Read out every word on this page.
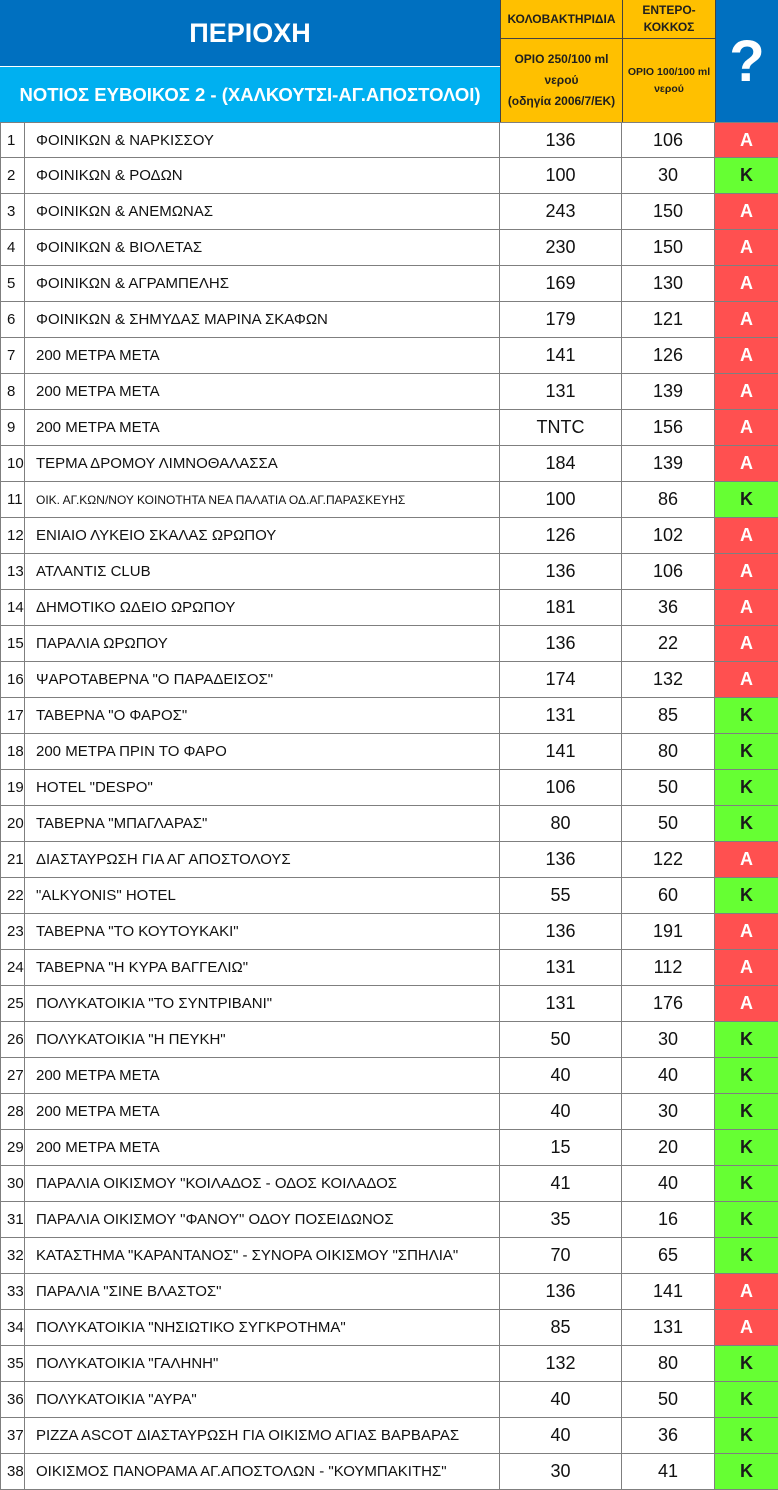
ΠΕΡΙΟΧΗ
ΝΟΤΙΟΣ ΕΥΒΟΙΚΟΣ 2 - (ΧΑΛΚΟΥΤΣΙ-ΑΓ.ΑΠΟΣΤΟΛΟΙ)
ΚΟΛΟΒΑΚΤΗΡΙΔΙΑ
ΟΡΙΟ 250/100 ml
νερού
(οδηγία 2006/7/ΕΚ)
ΕΝΤΕΡΟ-
ΚΟΚΚΟΣ
ΟΡΙΟ 100/100 ml
νερού ?
1	ΦΟΙΝΙΚΩΝ & ΝΑΡΚΙΣΣΟΥ	136	106	Α
2	ΦΟΙΝΙΚΩΝ & ΡΟΔΩΝ	100	30	Κ
3	ΦΟΙΝΙΚΩΝ & ΑΝΕΜΩΝΑΣ	243	150	Α
4	ΦΟΙΝΙΚΩΝ & ΒΙΟΛΕΤΑΣ	230	150	Α
5	ΦΟΙΝΙΚΩΝ & ΑΓΡΑΜΠΕΛΗΣ	169	130	Α
6	ΦΟΙΝΙΚΩΝ & ΣΗΜΥΔΑΣ ΜΑΡΙΝΑ ΣΚΑΦΩΝ	179	121	Α
7	200 ΜΕΤΡΑ ΜΕΤΑ	141	126	Α
8	200 ΜΕΤΡΑ ΜΕΤΑ	131	139	Α
9	200 ΜΕΤΡΑ ΜΕΤΑ	TNTC	156	Α
10 ΤΕΡΜΑ ΔΡΟΜΟΥ ΛΙΜΝΟΘΑΛΑΣΣΑ	184	139	Α
11	ΟΙΚ. ΑΓ.ΚΩΝ/ΝΟΥ ΚΟΙΝΟΤΗΤΑ ΝΕΑ ΠΑΛΑΤΙΑ ΟΔ.ΑΓ.ΠΑΡΑΣΚΕΥΗΣ	100	86	Κ
12 ΕΝΙΑΙΟ ΛΥΚΕΙΟ ΣΚΑΛΑΣ ΩΡΩΠΟΥ	126	102	Α
13 ΑΤΛΑΝΤΙΣ CLUB	136	106	Α
14 ΔΗΜΟΤΙΚΟ ΩΔΕΙΟ ΩΡΩΠΟΥ	181	36	Α
15 ΠΑΡΑΛΙΑ ΩΡΩΠΟΥ	136	22	Α
16 ΨΑΡΟΤΑΒΕΡΝΑ "Ο ΠΑΡΑΔΕΙΣΟΣ"	174	132	Α
17 ΤΑΒΕΡΝΑ "Ο ΦΑΡΟΣ"	131	85	Κ
18 200 ΜΕΤΡΑ ΠΡΙΝ ΤΟ ΦΑΡΟ	141	80	Κ
19 HOTEL "DESPO"	106	50	Κ
20 ΤΑΒΕΡΝΑ "ΜΠΑΓΛΑΡΑΣ"	80	50	Κ
21 ΔΙΑΣΤΑΥΡΩΣΗ ΓΙΑ ΑΓ ΑΠΟΣΤΟΛΟΥΣ	136	122	Α
22 "ALKYONIS" HOTEL	55	60	Κ
23 ΤΑΒΕΡΝΑ "ΤΟ ΚΟΥΤΟΥΚΑΚΙ"	136	191	Α
24 ΤΑΒΕΡΝΑ "Η ΚΥΡΑ ΒΑΓΓΕΛΙΩ"	131	112	Α
25 ΠΟΛΥΚΑΤΟΙΚΙΑ "ΤΟ ΣΥΝΤΡΙΒΑΝΙ"	131	176	Α
26 ΠΟΛΥΚΑΤΟΙΚΙΑ "Η ΠΕΥΚΗ"	50	30	Κ
27 200 ΜΕΤΡΑ ΜΕΤΑ	40	40	Κ
28 200 ΜΕΤΡΑ ΜΕΤΑ	40	30	Κ
29 200 ΜΕΤΡΑ ΜΕΤΑ	15	20	Κ
30 ΠΑΡΑΛΙΑ ΟΙΚΙΣΜΟΥ "ΚΟΙΛΑΔΟΣ - ΟΔΟΣ ΚΟΙΛΑΔΟΣ	41	40	Κ
31 ΠΑΡΑΛΙΑ ΟΙΚΙΣΜΟΥ "ΦΑΝΟΥ" ΟΔΟΥ ΠΟΣΕΙΔΩΝΟΣ	35	16	Κ
32 ΚΑΤΑΣΤΗΜΑ "ΚΑΡΑΝΤΑΝΟΣ" - ΣΥΝΟΡΑ ΟΙΚΙΣΜΟΥ "ΣΠΗΛΙΑ"	70	65	Κ
33 ΠΑΡΑΛΙΑ "ΣΙΝΕ ΒΛΑΣΤΟΣ"	136	141	Α
34 ΠΟΛΥΚΑΤΟΙΚΙΑ "ΝΗΣΙΩΤΙΚΟ ΣΥΓΚΡΟΤΗΜΑ"	85	131	Α
35 ΠΟΛΥΚΑΤΟΙΚΙΑ "ΓΑΛΗΝΗ"	132	80	Κ
36 ΠΟΛΥΚΑΤΟΙΚΙΑ "ΑΥΡΑ"	40	50	Κ
37 PIZZA ASCOT ΔΙΑΣΤΑΥΡΩΣΗ ΓΙΑ ΟΙΚΙΣΜΟ ΑΓΙΑΣ ΒΑΡΒΑΡΑΣ	40	36	Κ
38 ΟΙΚΙΣΜΟΣ ΠΑΝΟΡΑΜΑ ΑΓ.ΑΠΟΣΤΟΛΩΝ - "ΚΟΥΜΠΑΚΙΤΗΣ"	30	41	Κ
